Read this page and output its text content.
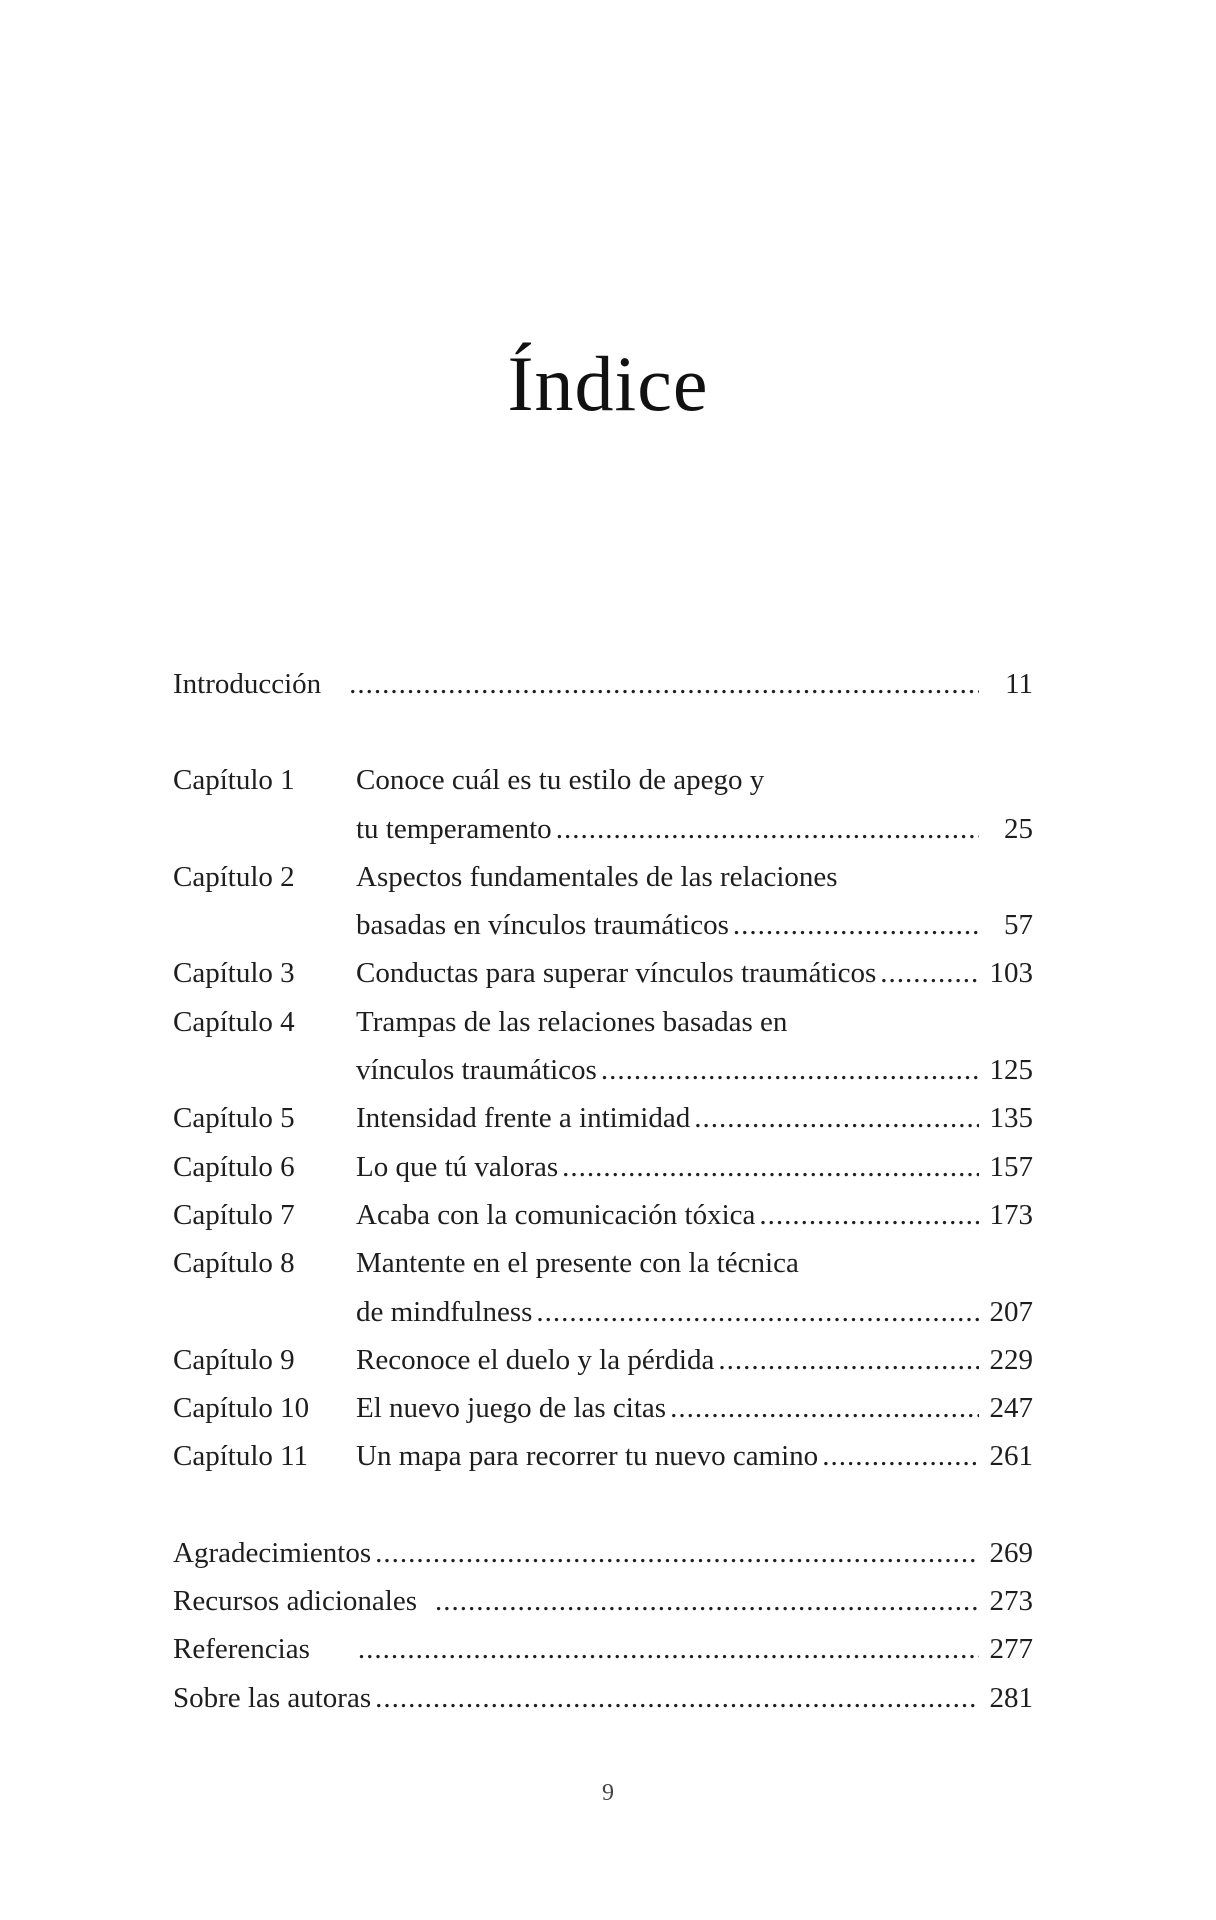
Índice
Introducción .....	11
Capítulo 1	Conoce cuál es tu estilo de apego y
tu temperamento .....	25
Capítulo 2	Aspectos fundamentales de las relaciones
basadas en vínculos traumáticos .....	57
Capítulo 3	Conductas para superar vínculos traumáticos .....	103
Capítulo 4	Trampas de las relaciones basadas en
vínculos traumáticos .....	125
Capítulo 5	Intensidad frente a intimidad .....	135
Capítulo 6	Lo que tú valoras .....	157
Capítulo 7	Acaba con la comunicación tóxica .....	173
Capítulo 8	Mantente en el presente con la técnica
de mindfulness .....	207
Capítulo 9	Reconoce el duelo y la pérdida .....	229
Capítulo 10	El nuevo juego de las citas .....	247
Capítulo 11	Un mapa para recorrer tu nuevo camino .....	261
Agradecimientos .....	269
Recursos adicionales .....	273
Referencias .....	277
Sobre las autoras .....	281
9
